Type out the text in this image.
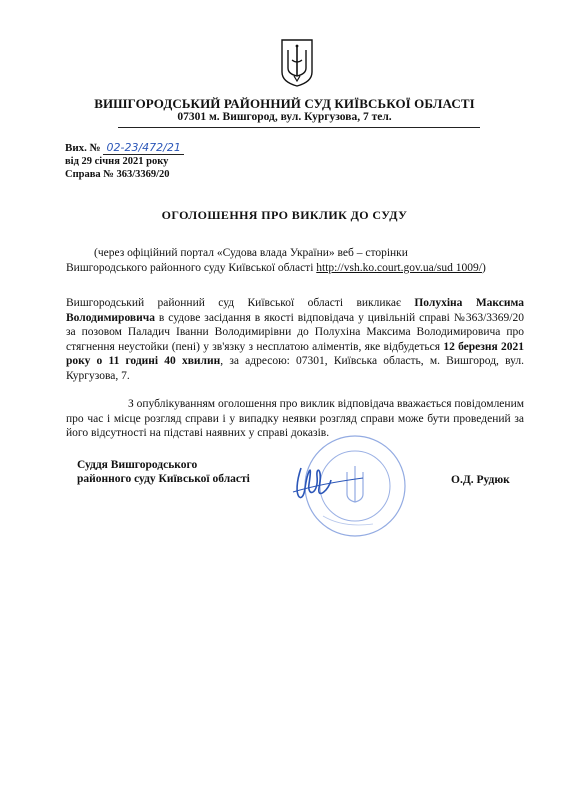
ВИШГОРОДСЬКИЙ РАЙОННИЙ СУД КИЇВСЬКОЇ ОБЛАСТІ
07301 м. Вишгород, вул. Кургузова, 7 тел.
Вих. № 02-23/472/21
від 29 січня 2021 року
Справа № 363/3369/20
ОГОЛОШЕННЯ ПРО ВИКЛИК ДО СУДУ

(через офіційний портал «Судова влада України» веб – сторінки

Вишгородського районного суду Київської області http://vsh.ko.court.gov.ua/sud 1009/)

Вишгородський районний суд Київської області викликає Полухіна Максима Володимировича в судове засідання в якості відповідача у цивільній справі №363/3369/20 за позовом Паладич Іванни Володимирівни до Полухіна Максима Володимировича про стягнення неустойки (пені) у зв'язку з несплатою аліментів, яке відбудеться 12 березня 2021 року о 11 годині 40 хвилин, за адресою: 07301, Київська область, м. Вишгород, вул. Кургузова, 7.

З опублікуванням оголошення про виклик відповідача вважається повідомленим про час і місце розгляд справи і у випадку неявки розгляд справи може бути проведений за його відсутності на підставі наявних у справі доказів.

Суддя Вишгородського
районного суду Київської області	О.Д. Рудюк
